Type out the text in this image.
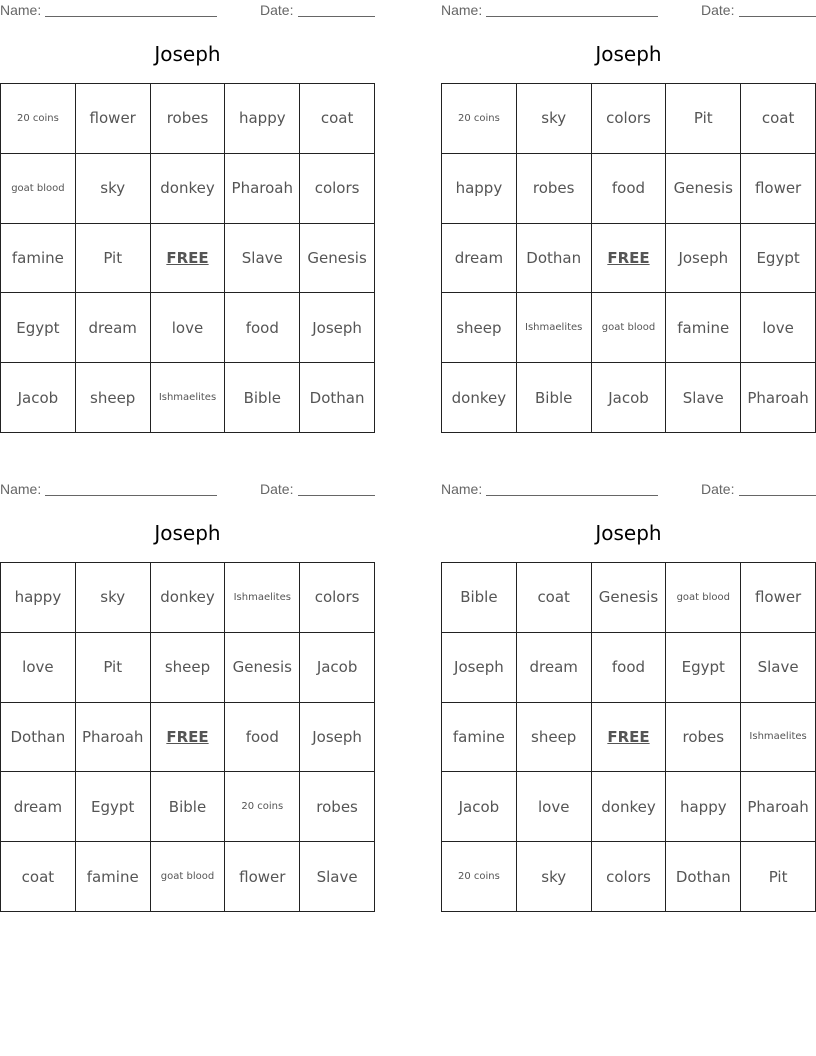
Name:	Date:
Joseph
20 coins	flower	robes	happy	coat
goat blood	sky	donkey	Pharoah	colors
famine	Pit	FREE	Slave	Genesis
Egypt	dream	love	food	Joseph
Jacob	sheep	Ishmaelites	Bible	Dothan
Name:	Date:
Joseph
20 coins	sky	colors	Pit	coat
happy	robes	food	Genesis	flower
dream	Dothan	FREE	Joseph	Egypt
sheep	Ishmaelites	goat blood	famine	love
donkey	Bible	Jacob	Slave	Pharoah
Name:	Date:
Joseph
happy	sky	donkey	Ishmaelites	colors
love	Pit	sheep	Genesis	Jacob
Dothan	Pharoah	FREE	food	Joseph
dream	Egypt	Bible	20 coins	robes
coat	famine	goat blood	flower	Slave
Name:	Date:
Joseph
Bible	coat	Genesis	goat blood	flower
Joseph	dream	food	Egypt	Slave
famine	sheep	FREE	robes	Ishmaelites
Jacob	love	donkey	happy	Pharoah
20 coins	sky	colors	Dothan	Pit
